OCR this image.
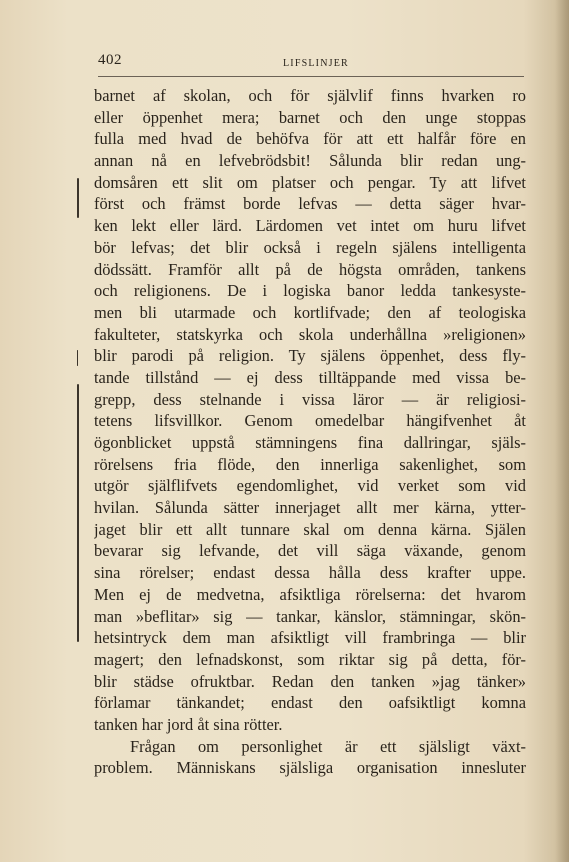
402	LIFSLINJER
barnet af skolan, och för självlif finns hvarken ro
eller öppenhet mera; barnet och den unge stoppas
fulla med hvad de behöfva för att ett halfår före en
annan nå en lefvebrödsbit! Sålunda blir redan ung-
domsåren ett slit om platser och pengar. Ty att lifvet
först och främst borde lefvas — detta säger hvar-
ken lekt eller lärd. Lärdomen vet intet om huru lifvet
bör lefvas; det blir också i regeln själens intelligenta
dödssätt. Framför allt på de högsta områden, tankens
och religionens. De i logiska banor ledda tankesyste-
men bli utarmade och kortlifvade; den af teologiska
fakulteter, statskyrka och skola underhållna »religionen»
blir parodi på religion. Ty själens öppenhet, dess fly-
tande tillstånd — ej dess tilltäppande med vissa be-
grepp, dess stelnande i vissa läror — är religiosi-
tetens lifsvillkor. Genom omedelbar hängifvenhet åt
ögonblicket uppstå stämningens fina dallringar, själs-
rörelsens fria flöde, den innerliga sakenlighet, som
utgör själflifvets egendomlighet, vid verket som vid
hvilan. Sålunda sätter innerjaget allt mer kärna, ytter-
jaget blir ett allt tunnare skal om denna kärna. Själen
bevarar sig lefvande, det vill säga växande, genom
sina rörelser; endast dessa hålla dess krafter uppe.
Men ej de medvetna, afsiktliga rörelserna: det hvarom
man »beflitar» sig — tankar, känslor, stämningar, skön-
hetsintryck dem man afsiktligt vill frambringa — blir
magert; den lefnadskonst, som riktar sig på detta, för-
blir städse ofruktbar. Redan den tanken »jag tänker»
förlamar tänkandet; endast den oafsiktligt komna
tanken har jord åt sina rötter.
Frågan om personlighet är ett själsligt växt-
problem. Människans själsliga organisation innesluter
